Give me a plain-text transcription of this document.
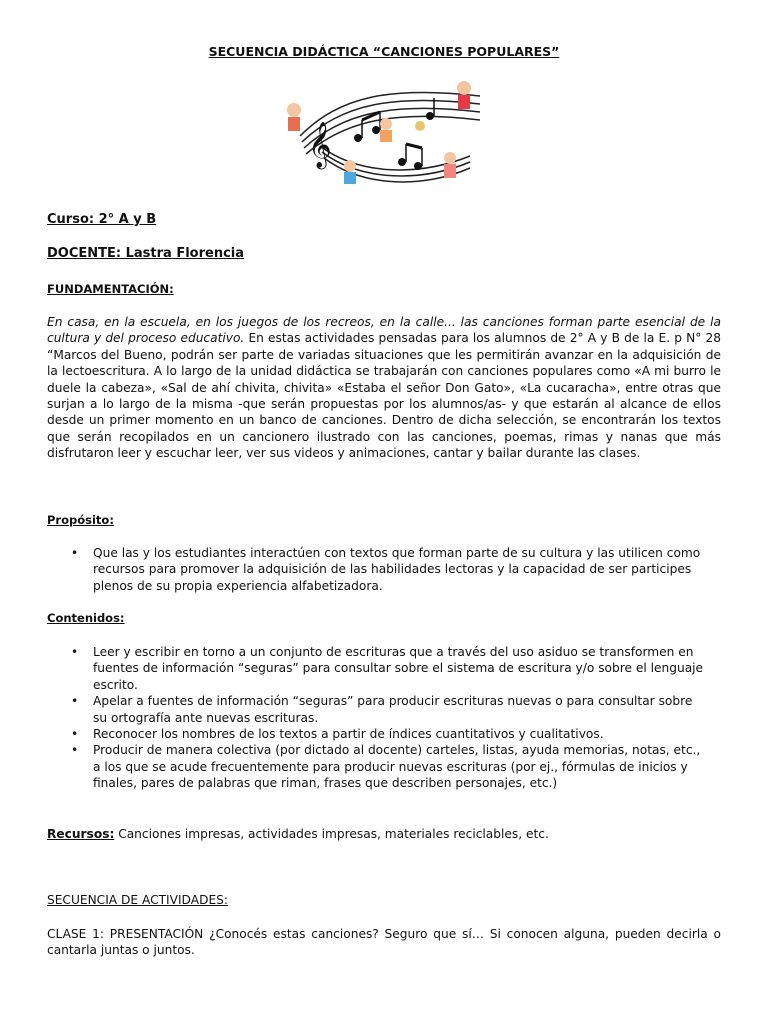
SECUENCIA DIDÁCTICA “CANCIONES POPULARES”
𝄞
Curso: 2° A y B
DOCENTE: Lastra Florencia
FUNDAMENTACIÓN:
En casa, en la escuela, en los juegos de los recreos, en la calle... las canciones forman parte esencial de la cultura y del proceso educativo. En estas actividades pensadas para los alumnos de 2° A y B de la E. p N° 28 “Marcos del Bueno, podrán ser parte de variadas situaciones que les permitirán avanzar en la adquisición de la lectoescritura. A lo largo de la unidad didáctica se trabajarán con canciones populares como «A mi burro le duele la cabeza», «Sal de ahí chivita, chivita» «Estaba el señor Don Gato», «La cucaracha», entre otras que surjan a lo largo de la misma -que serán propuestas por los alumnos/as- y que estarán al alcance de ellos desde un primer momento en un banco de canciones. Dentro de dicha selección, se encontrarán los textos que serán recopilados en un cancionero ilustrado con las canciones, poemas, rimas y nanas que más disfrutaron leer y escuchar leer, ver sus videos y animaciones, cantar y bailar durante las clases.
Propósito:
• Que las y los estudiantes interactúen con textos que forman parte de su cultura y las utilicen como recursos para promover la adquisición de las habilidades lectoras y la capacidad de ser participes plenos de su propia experiencia alfabetizadora.
Contenidos:
• Leer y escribir en torno a un conjunto de escrituras que a través del uso asiduo se transformen en fuentes de información “seguras” para consultar sobre el sistema de escritura y/o sobre el lenguaje escrito.
• Apelar a fuentes de información “seguras” para producir escrituras nuevas o para consultar sobre su ortografía ante nuevas escrituras.
• Reconocer los nombres de los textos a partir de índices cuantitativos y cualitativos.
• Producir de manera colectiva (por dictado al docente) carteles, listas, ayuda memorias, notas, etc., a los que se acude frecuentemente para producir nuevas escrituras (por ej., fórmulas de inicios y finales, pares de palabras que riman, frases que describen personajes, etc.)
Recursos: Canciones impresas, actividades impresas, materiales reciclables, etc.
SECUENCIA DE ACTIVIDADES:
CLASE 1: PRESENTACIÓN ¿Conocés estas canciones? Seguro que sí… Si conocen alguna, pueden decirla o cantarla juntas o juntos.
